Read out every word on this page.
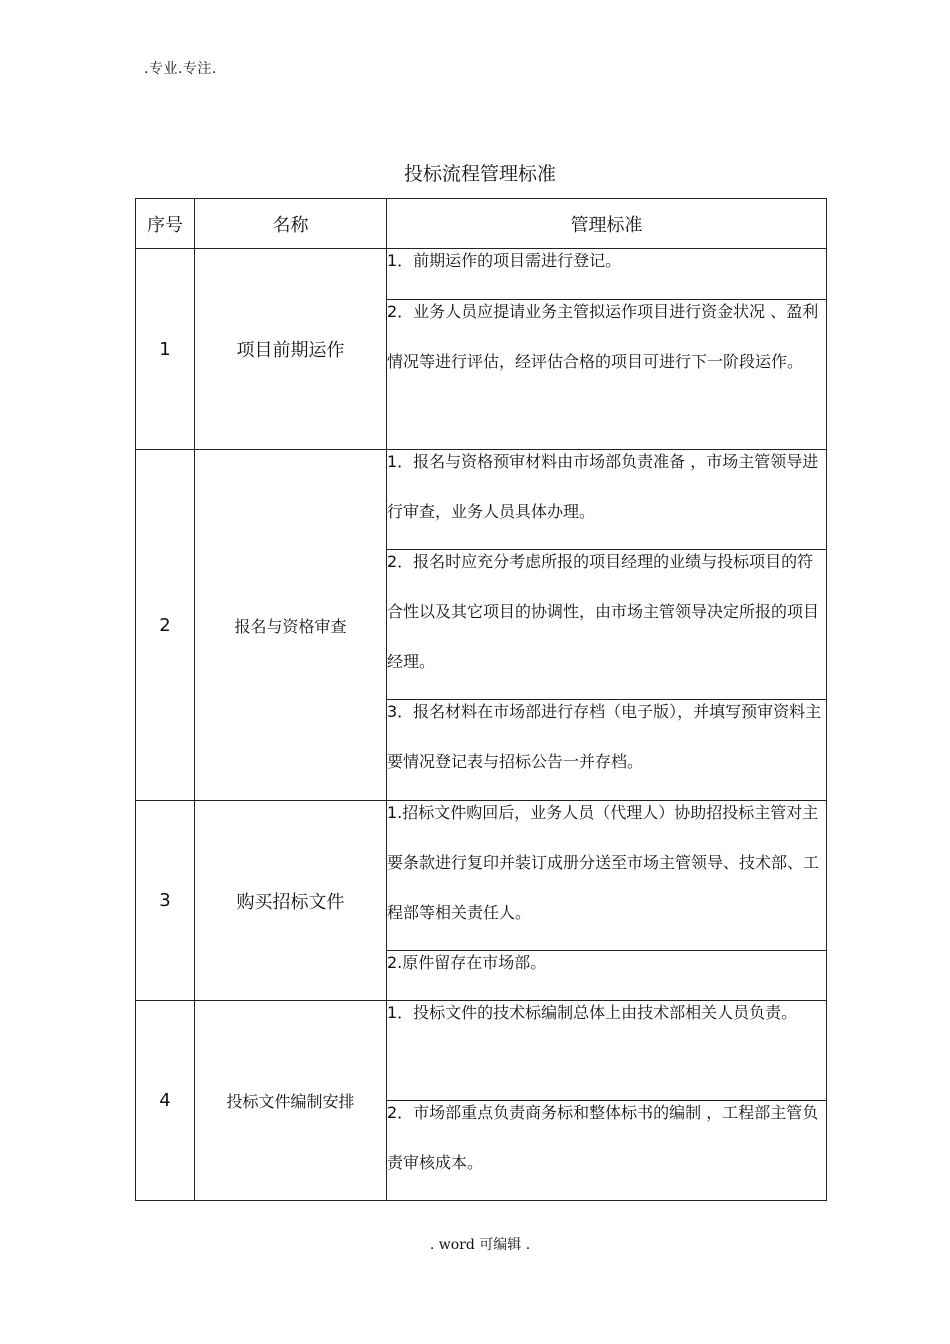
.专业.专注.
投标流程管理标准
序号	名称	管理标准
1	项目前期运作	1．前期运作的项目需进行登记。

		2．业务人员应提请业务主管拟运作项目进行资金状况 、盈利情况等进行评估，经评估合格的项目可进行下一阶段运作。

2	报名与资格审查	1．报名与资格预审材料由市场部负责准备 ，市场主管领导进行审查，业务人员具体办理。

		2．报名时应充分考虑所报的项目经理的业绩与投标项目的符合性以及其它项目的协调性，由市场主管领导决定所报的项目经理。

		3．报名材料在市场部进行存档（电子版），并填写预审资料主要情况登记表与招标公告一并存档。

3	购买招标文件	1.招标文件购回后，业务人员（代理人）协助招投标主管对主要条款进行复印并装订成册分送至市场主管领导、技术部、工程部等相关责任人。

		2.原件留存在市场部。

4	投标文件编制安排	1．投标文件的技术标编制总体上由技术部相关人员负责。

		2．市场部重点负责商务标和整体标书的编制 ，工程部主管负责审核成本。
. word 可编辑 .
